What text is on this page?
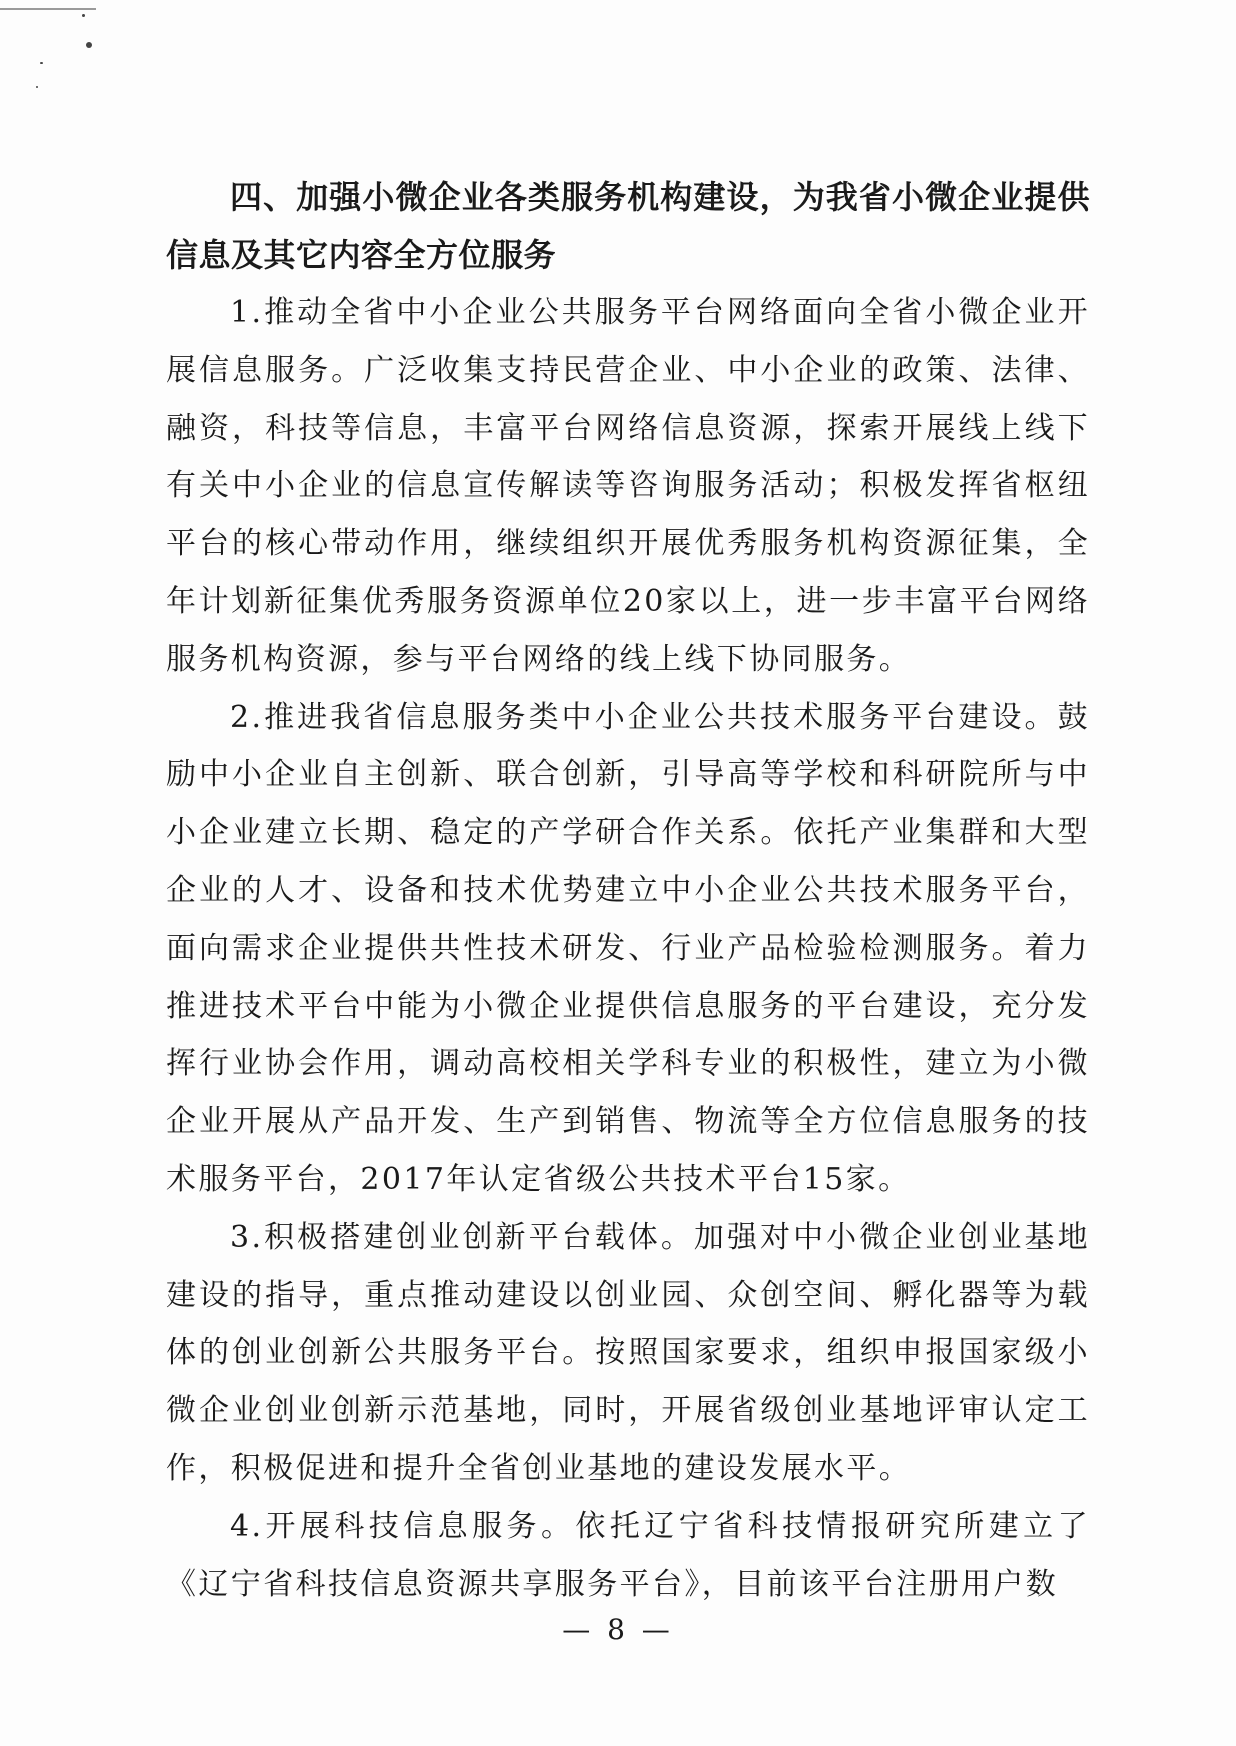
四、加强小微企业各类服务机构建设，为我省小微企业提供信息及其它内容全方位服务

1.推动全省中小企业公共服务平台网络面向全省小微企业开展信息服务。广泛收集支持民营企业、中小企业的政策、法律、融资，科技等信息，丰富平台网络信息资源，探索开展线上线下有关中小企业的信息宣传解读等咨询服务活动；积极发挥省枢纽平台的核心带动作用，继续组织开展优秀服务机构资源征集，全年计划新征集优秀服务资源单位20家以上，进一步丰富平台网络服务机构资源，参与平台网络的线上线下协同服务。

2.推进我省信息服务类中小企业公共技术服务平台建设。鼓励中小企业自主创新、联合创新，引导高等学校和科研院所与中小企业建立长期、稳定的产学研合作关系。依托产业集群和大型企业的人才、设备和技术优势建立中小企业公共技术服务平台，面向需求企业提供共性技术研发、行业产品检验检测服务。着力推进技术平台中能为小微企业提供信息服务的平台建设，充分发挥行业协会作用，调动高校相关学科专业的积极性，建立为小微企业开展从产品开发、生产到销售、物流等全方位信息服务的技术服务平台，2017年认定省级公共技术平台15家。

3.积极搭建创业创新平台载体。加强对中小微企业创业基地建设的指导，重点推动建设以创业园、众创空间、孵化器等为载体的创业创新公共服务平台。按照国家要求，组织申报国家级小微企业创业创新示范基地，同时，开展省级创业基地评审认定工作，积极促进和提升全省创业基地的建设发展水平。

4.开展科技信息服务。依托辽宁省科技情报研究所建立了《辽宁省科技信息资源共享服务平台》，目前该平台注册用户数

— 8 —
